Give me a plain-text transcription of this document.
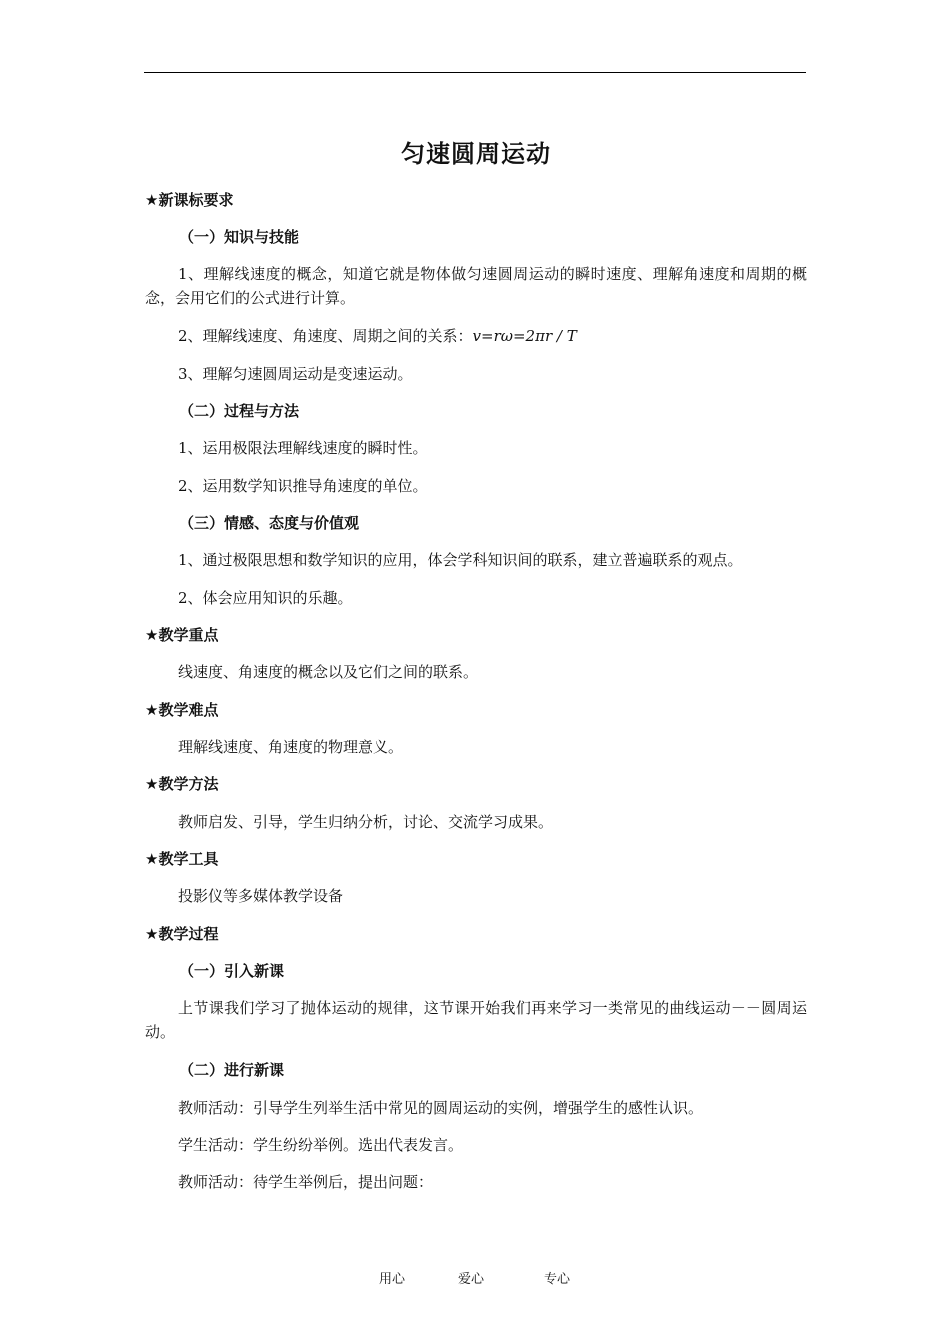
匀速圆周运动
★新课标要求
（一）知识与技能
1、理解线速度的概念，知道它就是物体做匀速圆周运动的瞬时速度、理解角速度和周期的概念，会用它们的公式进行计算。
2、理解线速度、角速度、周期之间的关系：v=rω=2πr / T
3、理解匀速圆周运动是变速运动。
（二）过程与方法
1、运用极限法理解线速度的瞬时性。
2、运用数学知识推导角速度的单位。
（三）情感、态度与价值观
1、通过极限思想和数学知识的应用，体会学科知识间的联系，建立普遍联系的观点。
2、体会应用知识的乐趣。
★教学重点
线速度、角速度的概念以及它们之间的联系。
★教学难点
理解线速度、角速度的物理意义。
★教学方法
教师启发、引导，学生归纳分析，讨论、交流学习成果。
★教学工具
投影仪等多媒体教学设备
★教学过程
（一）引入新课
上节课我们学习了抛体运动的规律，这节课开始我们再来学习一类常见的曲线运动－－圆周运动。
（二）进行新课
教师活动：引导学生列举生活中常见的圆周运动的实例，增强学生的感性认识。
学生活动：学生纷纷举例。选出代表发言。
教师活动：待学生举例后，提出问题：
用心	爱心	专心
